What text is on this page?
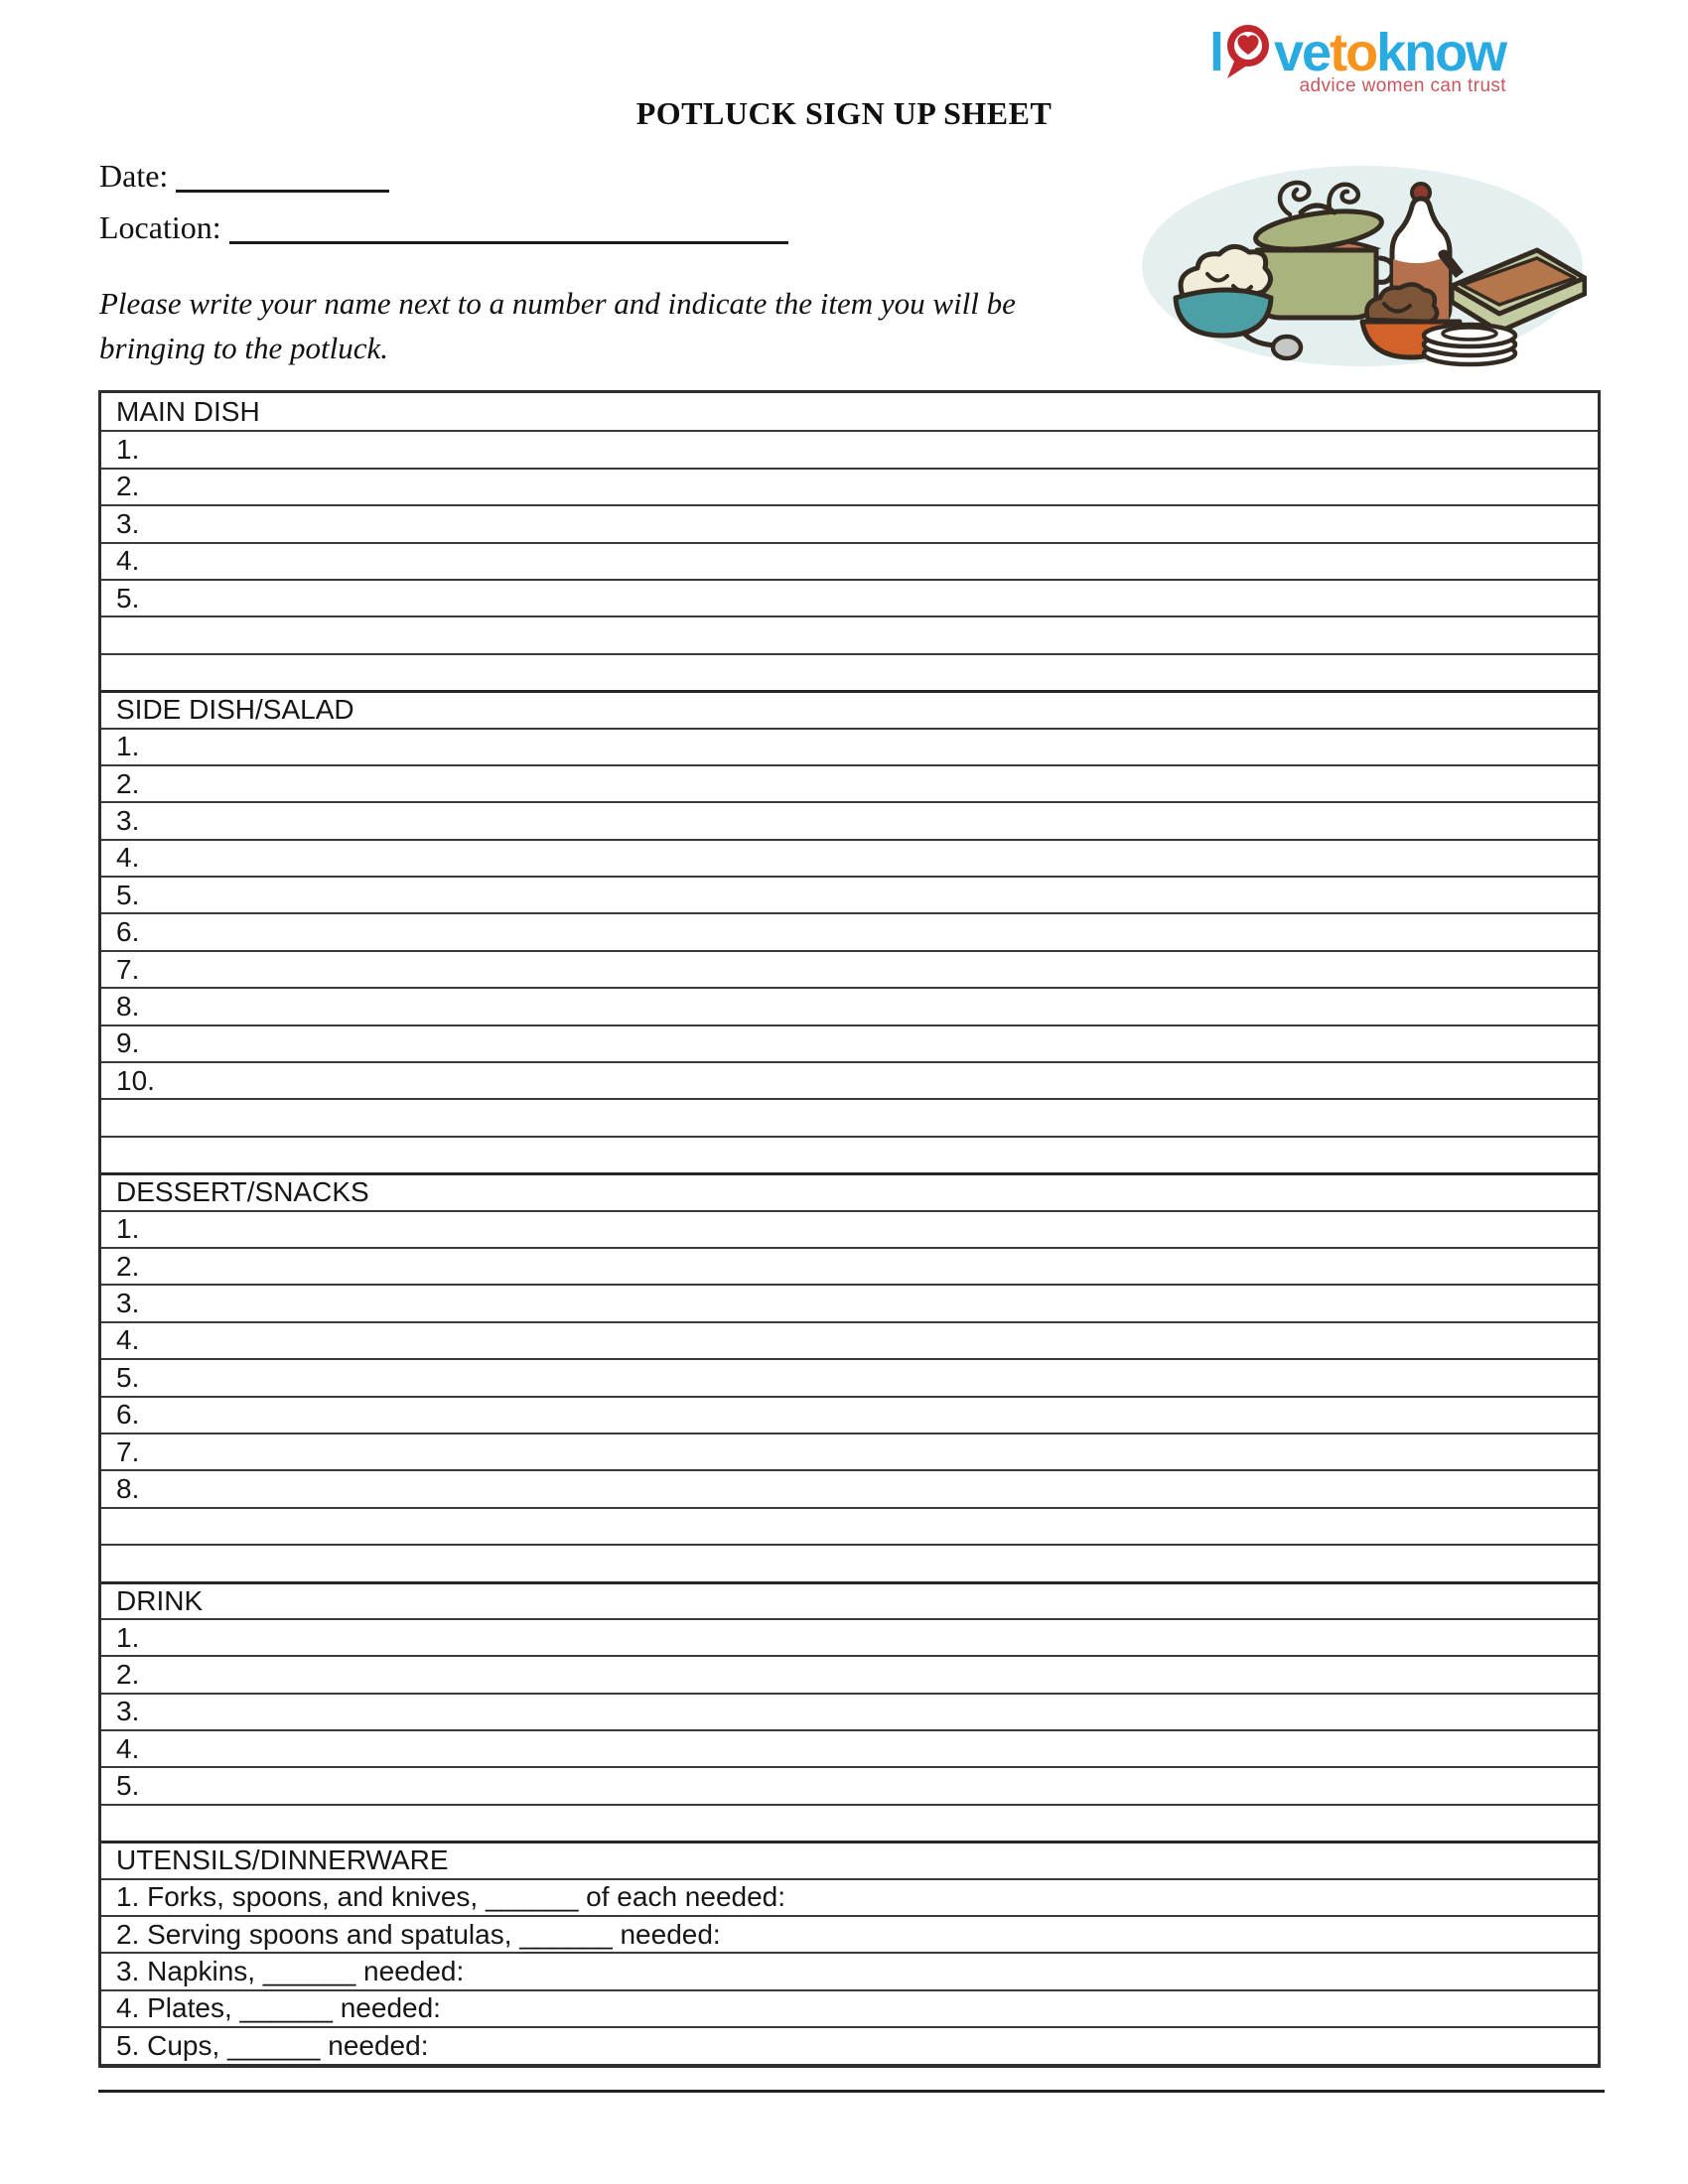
l vetoknow
advice women can trust
POTLUCK SIGN UP SHEET
Date:
Location:

Please write your name next to a number and indicate the item you will be
bringing to the potluck.

MAIN DISH
1.
2.
3.
4.
5.
SIDE DISH/SALAD
1.
2.
3.
4.
5.
6.
7.
8.
9.
10.
DESSERT/SNACKS
1.
2.
3.
4.
5.
6.
7.
8.
DRINK
1.
2.
3.
4.
5.
UTENSILS/DINNERWARE
1. Forks, spoons, and knives, ______ of each needed:
2. Serving spoons and spatulas, ______ needed:
3. Napkins, ______ needed:
4. Plates, ______ needed:
5. Cups, ______ needed:
